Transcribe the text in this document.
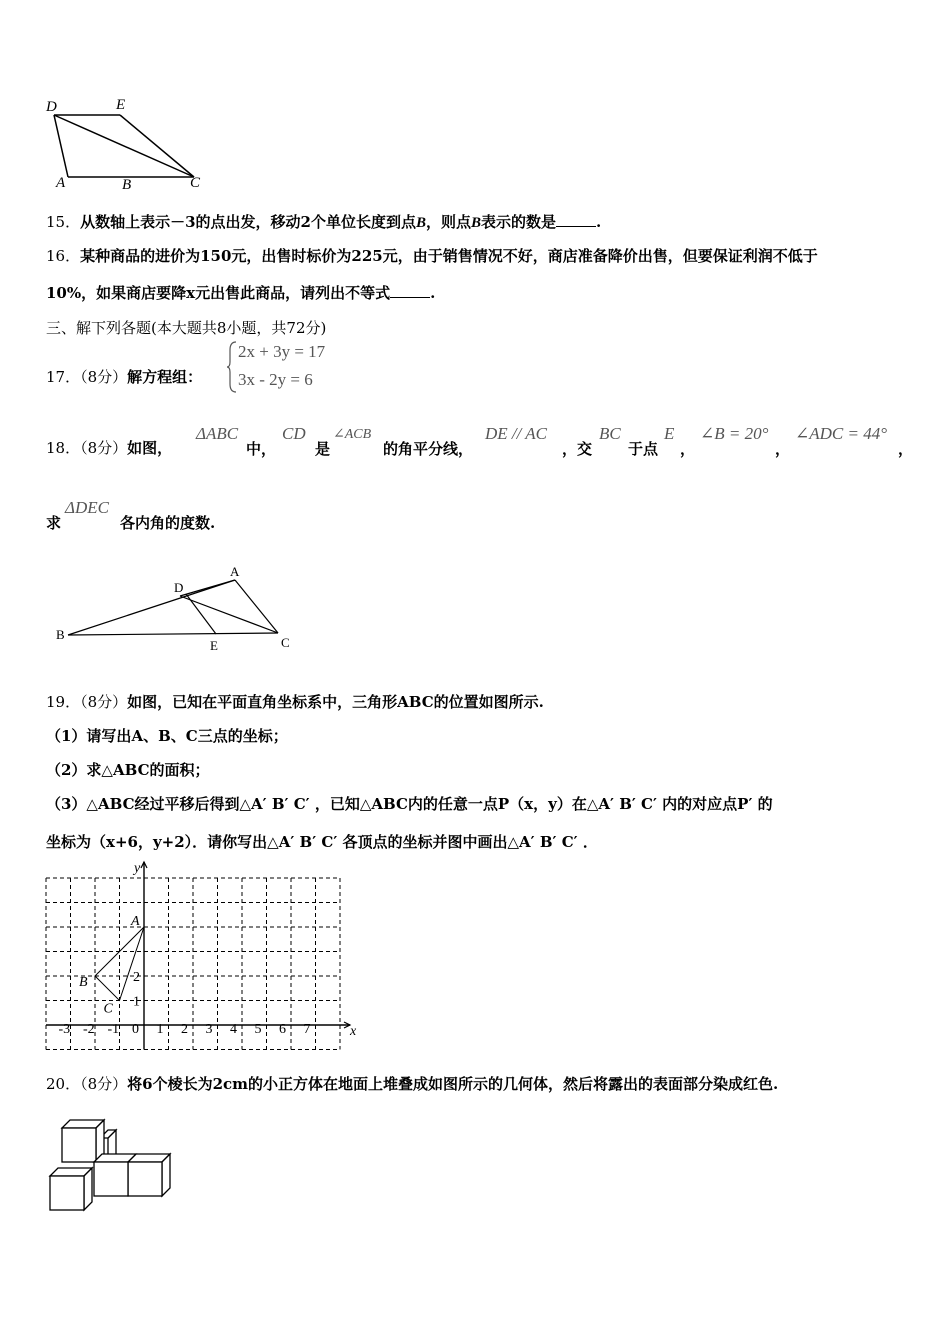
D	E
A	B	C
15．从数轴上表示－3的点出发，移动2个单位长度到点B，则点B表示的数是	.
16．某种商品的进价为150元，出售时标价为225元，由于销售情况不好，商店准备降价出售，但要保证利润不低于
10%，如果商店要降x元出售此商品，请列出不等式	.
三、解下列各题(本大题共8小题，共72分)
17．（8分）解方程组：
2x + 3y = 17
3x - 2y = 6
18．（8分）如图，
ΔABC
中，
CD
是
∠ACB
的角平分线，
DE // AC
，交
BC
于点
E
，
∠B = 20°
，
∠ADC = 44°
，
求
ΔDEC
各内角的度数.
D
A
B
E	C
19．（8分）如图，已知在平面直角坐标系中，三角形ABC的位置如图所示.
（1）请写出A、B、C三点的坐标；
（2）求△ABC的面积；
（3）△ABC经过平移后得到△A′ B′ C′ ，已知△ABC内的任意一点P（x，y）在△A′ B′ C′ 内的对应点P′ 的
坐标为（x+6，y+2）．请你写出△A′ B′ C′ 各顶点的坐标并图中画出△A′ B′ C′ ．
y
x
-3 -2 -1 0 1 2 3 4 5 6 7
1
2
A
B
C
20．（8分）将6个棱长为2cm的小正方体在地面上堆叠成如图所示的几何体，然后将露出的表面部分染成红色.
